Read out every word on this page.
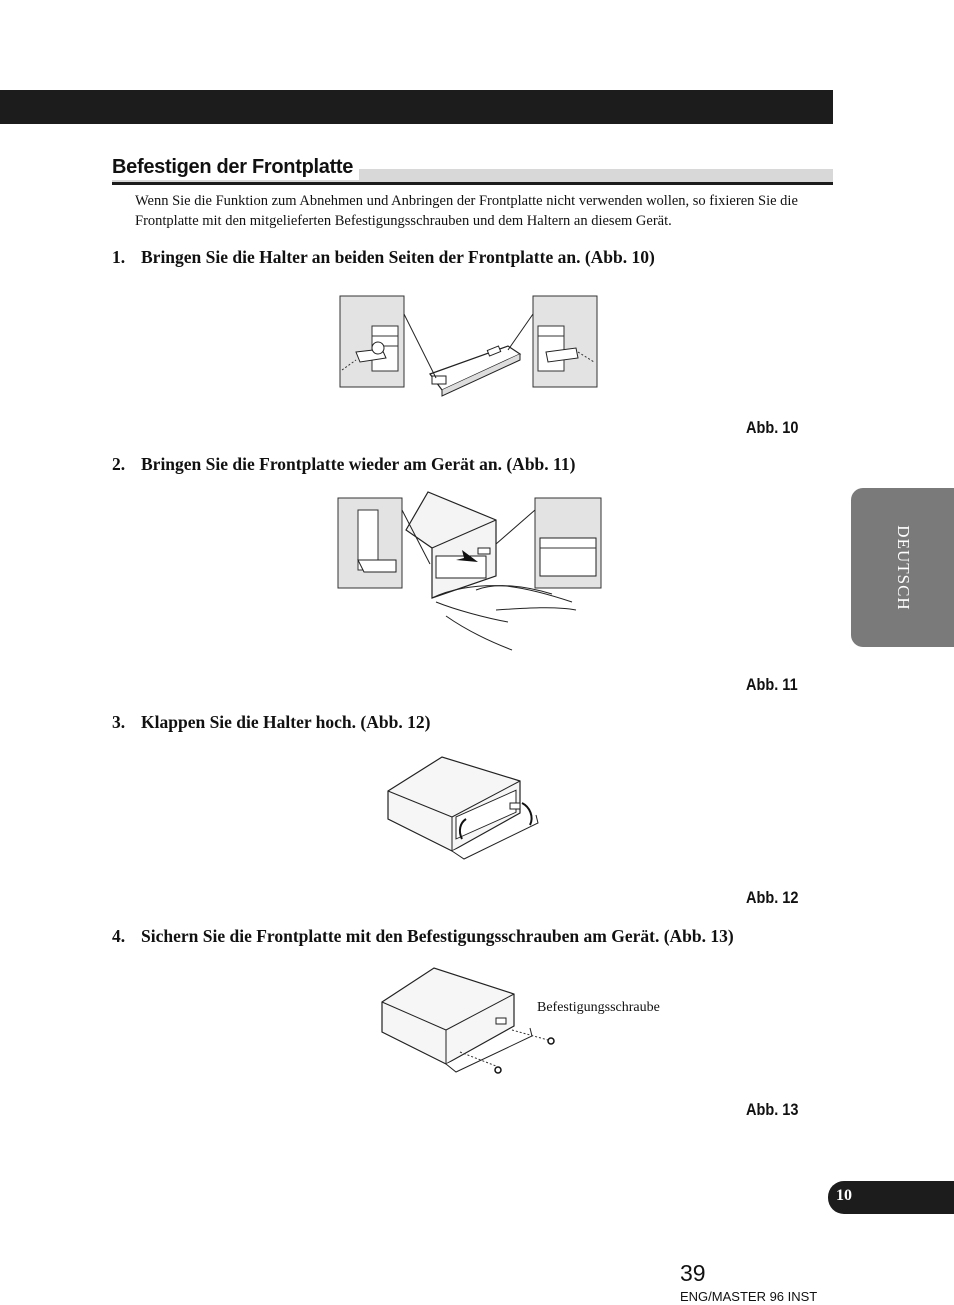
Befestigen der Frontplatte
Wenn Sie die Funktion zum Abnehmen und Anbringen der Frontplatte nicht verwenden wollen, so fixieren Sie die Frontplatte mit den mitgelieferten Befestigungsschrauben und dem Haltern an diesem Gerät.
1. Bringen Sie die Halter an beiden Seiten der Frontplatte an. (Abb. 10)
Abb. 10
2. Bringen Sie die Frontplatte wieder am Gerät an. (Abb. 11)
Abb. 11
3. Klappen Sie die Halter hoch. (Abb. 12)
Abb. 12
4. Sichern Sie die Frontplatte mit den Befestigungsschrauben am Gerät. (Abb. 13)
Befestigungsschraube
Abb. 13
DEUTSCH
10
39
ENG/MASTER 96 INST
